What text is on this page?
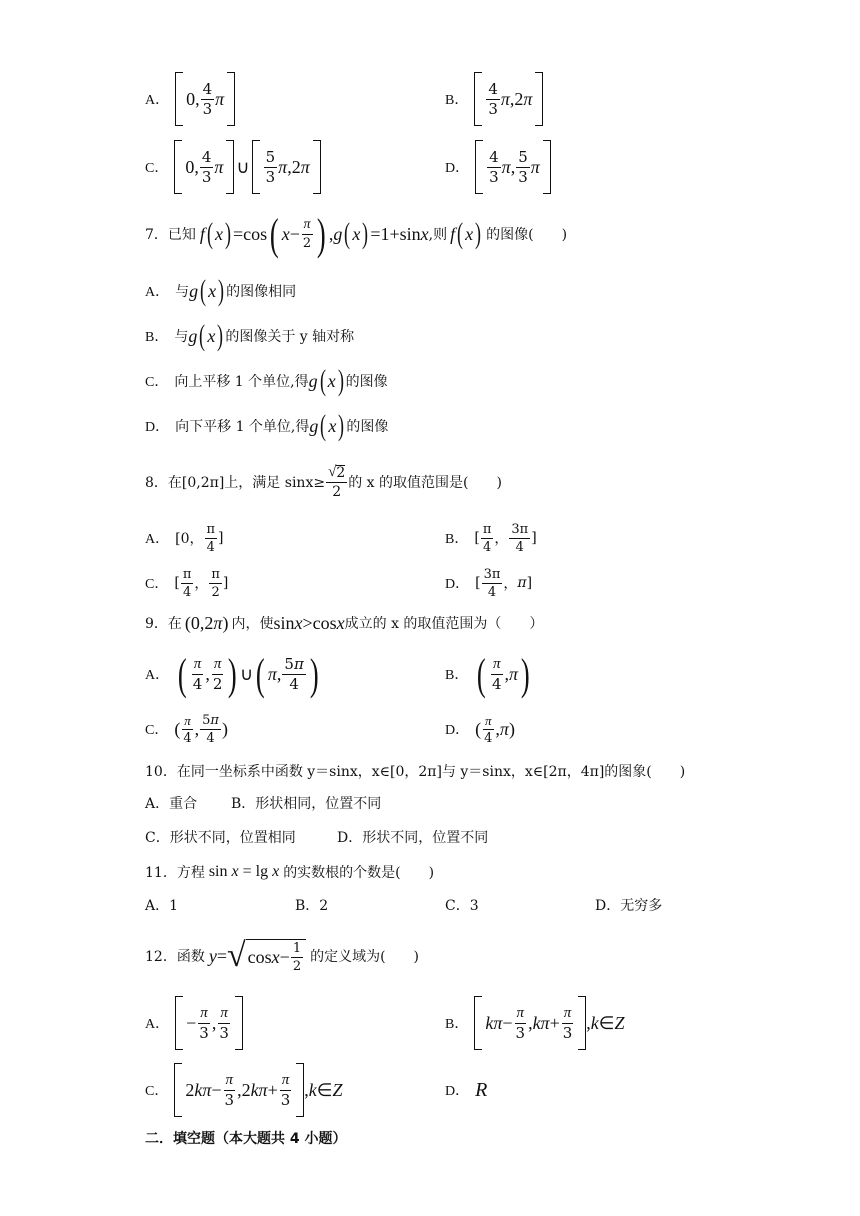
A． 0, $\frac{4}{3}$ π	B． $\frac{4}{3}$ π ,2 π
C． 0, $\frac{4}{3}$ π ∪ $\frac{5}{3}$ π ,2 π	D． $\frac{4}{3}$ π , $\frac{5}{3}$ π
7． 已知 f ( x ) =cos ( $x - \frac{\pi}{2}$ ) , g ( x ) =1+sin x ,则 f ( x ) 的图像(　　)
A． 与 g ( x ) 的图像相同
B． 与 g ( x ) 的图像关于 y 轴对称
C． 向上平移 1 个单位,得 g ( x ) 的图像
D． 向下平移 1 个单位,得 g ( x ) 的图像
8． 在[0,2π]上，满足 $\sin x\ge \frac{√ 2}{2}$ 的 x 的取值范围是(　　)
A． [0， $\frac{\pi}{4}$ ]	B． [ $\frac{\pi}{4}$ ， $\frac{3\pi}{4}$ ]
C． [ $\frac{\pi}{4}$ ， $\frac{\pi}{2}$ ]	D． [ $\frac{3\pi}{4}$ ， π ]
9． 在 (0,2 π ) 内，使 sin x >cos x 成立的 x 的取值范围为（　　）
A． ( $\frac{\pi}{4}$ , $\frac{\pi}{2}$ ) ∪ ( π , $\frac{5\pi}{4}$ )	B． ( $\frac{\pi}{4}$ , π )
C． ( $\frac{\pi}{4}$ , $\frac{5\pi}{4}$ )	D． ( $\frac{\pi}{4}$ , π )
10．在同一坐标系中函数 y＝sinx，x∈[0，2π]与 y＝sinx，x∈[2π，4π]的图象(　　)
A．重合 B．形状相同，位置不同
C．形状不同，位置相同	D．形状不同，位置不同
11． 方程 sin x = lg x 的实数根的个数是(　　)
A．1	B．2	C．3	D．无穷多
12． 函数 y = √ $\cos x - \frac{1}{2}$ 的定义域为(　　)
A． − $\frac{\pi}{3}$ , $\frac{\pi}{3}$	B． $k\pi - \frac{\pi}{3}$ , $k\pi + \frac{\pi}{3}$ , k ∈ Z
C． 2 $k\pi - \frac{\pi}{3} ,2$ $k\pi + \frac{\pi}{3}$ , k ∈ Z	D． R
二．填空题（本大题共 4 小题）
